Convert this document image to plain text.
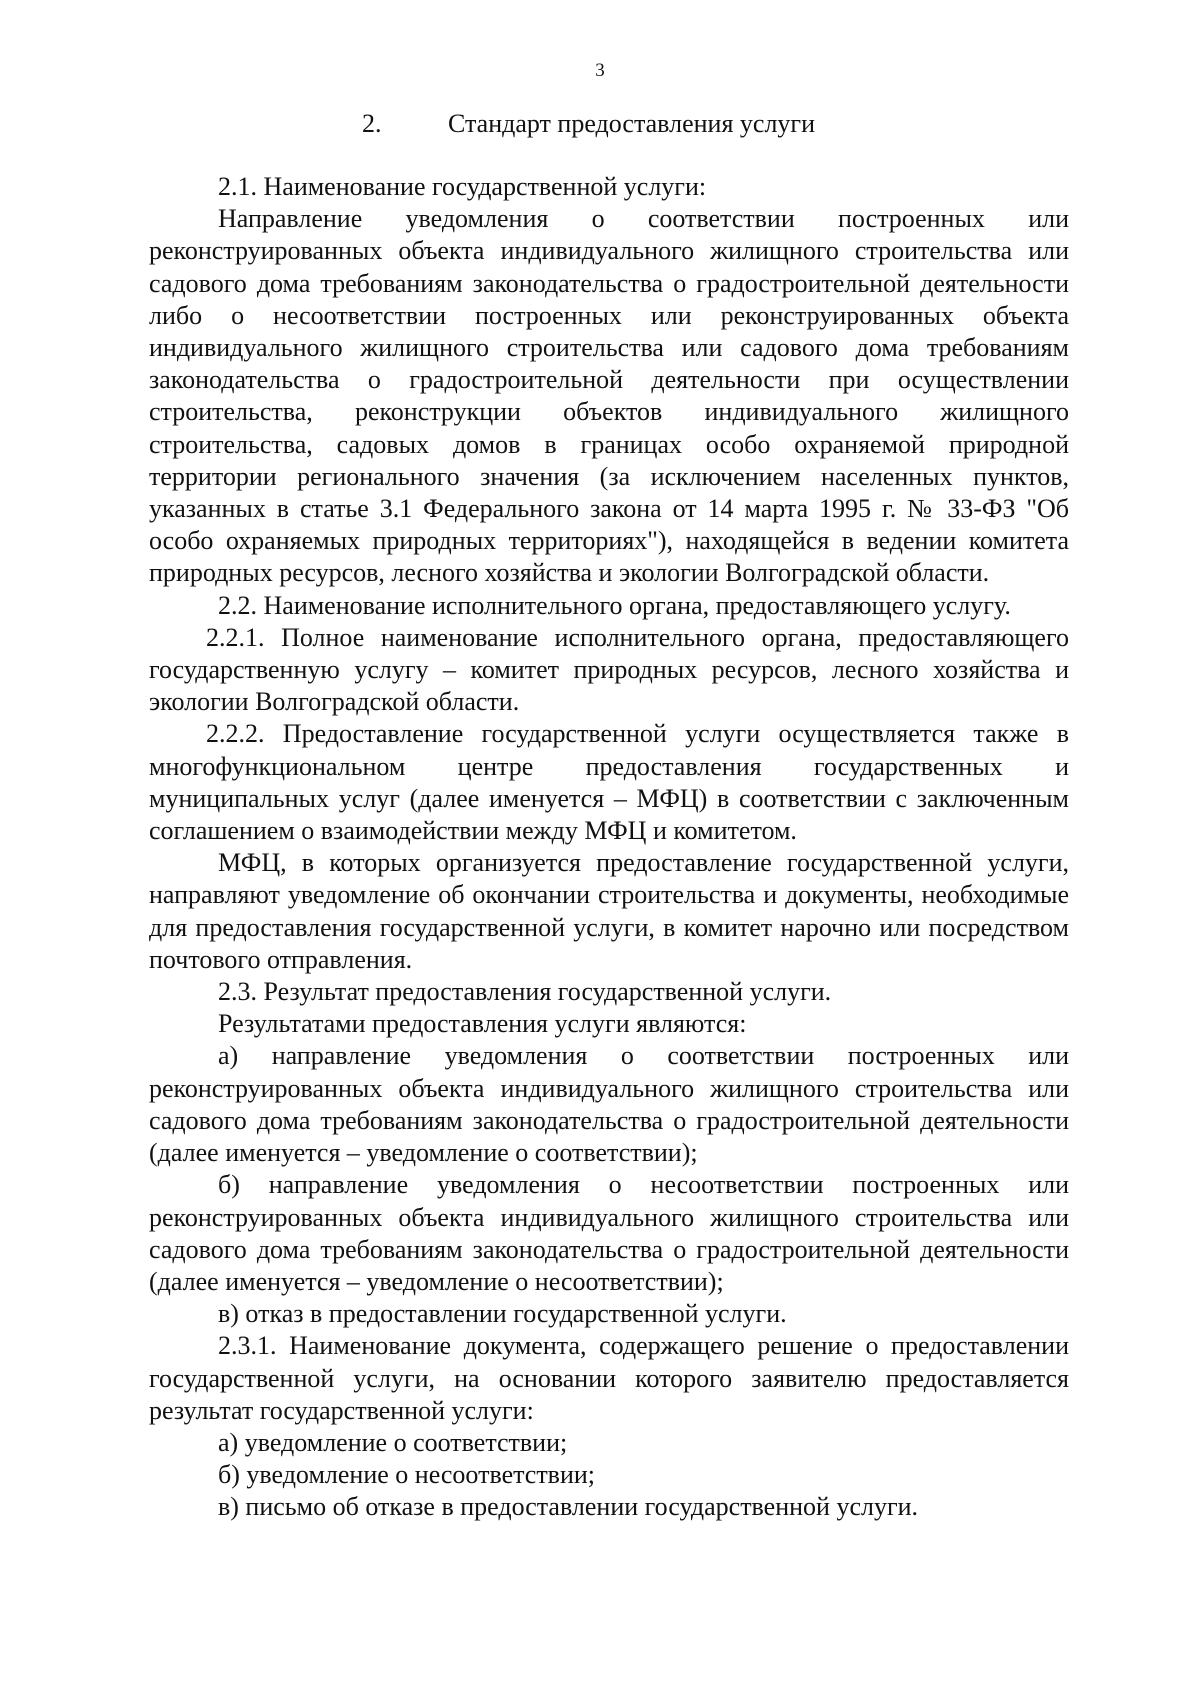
3
2.	Стандарт предоставления услуги

2.1. Наименование государственной услуги:

Направление уведомления о соответствии построенных или реконструированных объекта индивидуального жилищного строительства или садового дома требованиям законодательства о градостроительной деятельности либо о несоответствии построенных или реконструированных объекта индивидуального жилищного строительства или садового дома требованиям законодательства о градостроительной деятельности при осуществлении строительства, реконструкции объектов индивидуального жилищного строительства, садовых домов в границах особо охраняемой природной территории регионального значения (за исключением населенных пунктов, указанных в статье 3.1 Федерального закона от 14 марта 1995 г. № 33-ФЗ "Об особо охраняемых природных территориях"), находящейся в ведении комитета природных ресурсов, лесного хозяйства и экологии Волгоградской области.

2.2. Наименование исполнительного органа, предоставляющего услугу.

2.2.1. Полное наименование исполнительного органа, предоставляющего государственную услугу – комитет природных ресурсов, лесного хозяйства и экологии Волгоградской области.

2.2.2. Предоставление государственной услуги осуществляется также в многофункциональном центре предоставления государственных и муниципальных услуг (далее именуется – МФЦ) в соответствии с заключенным соглашением о взаимодействии между МФЦ и комитетом.

МФЦ, в которых организуется предоставление государственной услуги, направляют уведомление об окончании строительства и документы, необходимые для предоставления государственной услуги, в комитет нарочно или посредством почтового отправления.

2.3. Результат предоставления государственной услуги.

Результатами предоставления услуги являются:

а) направление уведомления о соответствии построенных или реконструированных объекта индивидуального жилищного строительства или садового дома требованиям законодательства о градостроительной деятельности (далее именуется – уведомление о соответствии);

б) направление уведомления о несоответствии построенных или реконструированных объекта индивидуального жилищного строительства или садового дома требованиям законодательства о градостроительной деятельности (далее именуется – уведомление о несоответствии);

в) отказ в предоставлении государственной услуги.

2.3.1. Наименование документа, содержащего решение о предоставлении государственной услуги, на основании которого заявителю предоставляется результат государственной услуги:

а) уведомление о соответствии;

б) уведомление о несоответствии;

в) письмо об отказе в предоставлении государственной услуги.
